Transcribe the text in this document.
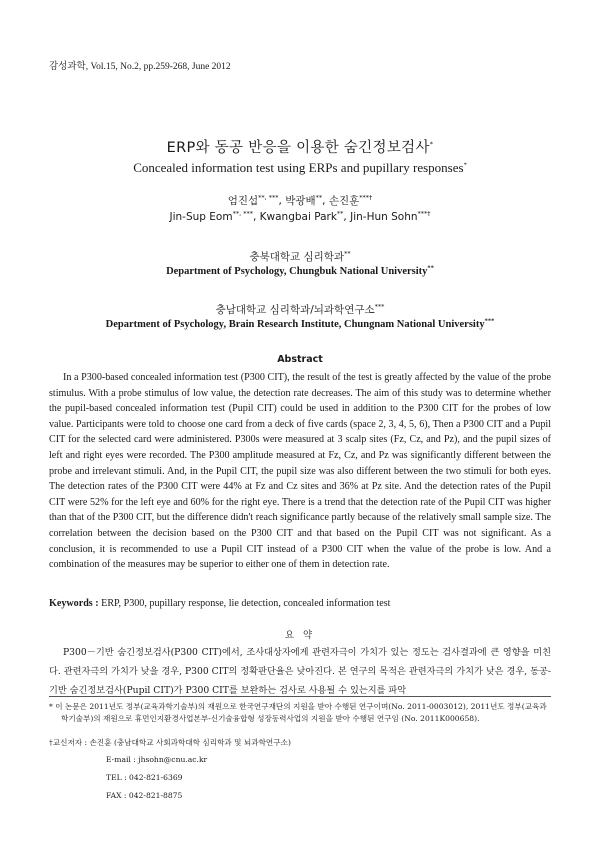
감성과학, Vol.15, No.2, pp.259-268, June 2012
ERP와 동공 반응을 이용한 숨긴정보검사*
Concealed information test using ERPs and pupillary responses*
엄진섭**, ***, 박광배**, 손진훈***†
Jin-Sup Eom**, ***, Kwangbai Park**, Jin-Hun Sohn***†
충북대학교 심리학과**
Department of Psychology, Chungbuk National University**
충남대학교 심리학과/뇌과학연구소***
Department of Psychology, Brain Research Institute, Chungnam National University***
Abstract

In a P300-based concealed information test (P300 CIT), the result of the test is greatly affected by the value of the probe stimulus. With a probe stimulus of low value, the detection rate decreases. The aim of this study was to determine whether the pupil-based concealed information test (Pupil CIT) could be used in addition to the P300 CIT for the probes of low value. Participants were told to choose one card from a deck of five cards (space 2, 3, 4, 5, 6), Then a P300 CIT and a Pupil CIT for the selected card were administered. P300s were measured at 3 scalp sites (Fz, Cz, and Pz), and the pupil sizes of left and right eyes were recorded. The P300 amplitude measured at Fz, Cz, and Pz was significantly different between the probe and irrelevant stimuli. And, in the Pupil CIT, the pupil size was also different between the two stimuli for both eyes. The detection rates of the P300 CIT were 44% at Fz and Cz sites and 36% at Pz site. And the detection rates of the Pupil CIT were 52% for the left eye and 60% for the right eye. There is a trend that the detection rate of the Pupil CIT was higher than that of the P300 CIT, but the difference didn't reach significance partly because of the relatively small sample size. The correlation between the decision based on the P300 CIT and that based on the Pupil CIT was not significant. As a conclusion, it is recommended to use a Pupil CIT instead of a P300 CIT when the value of the probe is low. And a combination of the measures may be superior to either one of them in detection rate.

Keywords : ERP, P300, pupillary response, lie detection, concealed information test
요 약

P300－기반 숨긴정보검사(P300 CIT)에서, 조사대상자에게 관련자극이 가치가 있는 정도는 검사결과에 큰 영향을 미친다. 관련자극의 가치가 낮을 경우, P300 CIT의 정확판단율은 낮아진다. 본 연구의 목적은 관련자극의 가치가 낮은 경우, 동공-기반 숨긴정보검사(Pupil CIT)가 P300 CIT를 보완하는 검사로 사용될 수 있는지를 파악

* 이 논문은 2011년도 정부(교육과학기술부)의 재원으로 한국연구재단의 지원을 받아 수행된 연구이며(No. 2011-0003012), 2011년도 정부(교육과학기술부)의 재원으로 휴먼인지환경사업본부-신기술융합형 성장동력사업의 지원을 받아 수행된 연구임 (No. 2011K000658).
†교신저자 : 손진훈 (충남대학교 사회과학대학 심리학과 및 뇌과학연구소)
E-mail : jhsohn@cnu.ac.kr
TEL : 042-821-6369
FAX : 042-821-8875
